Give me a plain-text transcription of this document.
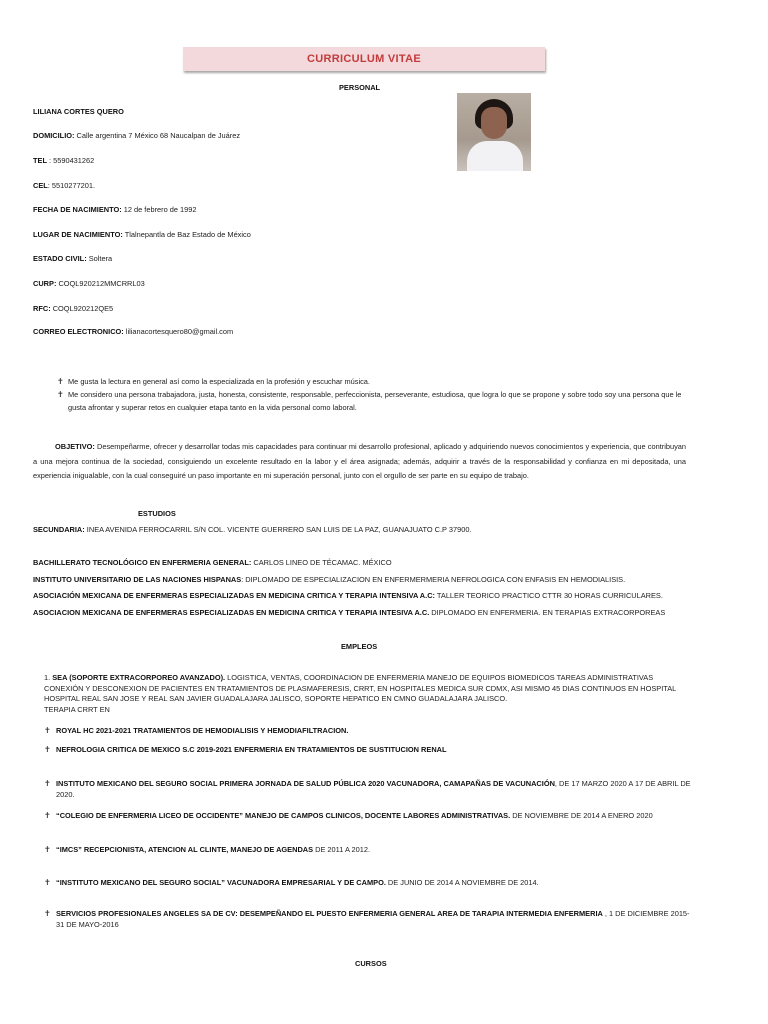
CURRICULUM VITAE
PERSONAL
LILIANA CORTES QUERO
DOMICILIO: Calle argentina 7 México 68 Naucalpan de Juárez
TEL : 5590431262
CEL: 5510277201.
FECHA DE NACIMIENTO: 12 de febrero de 1992
LUGAR DE NACIMIENTO: Tlalnepantla de Baz Estado de México
ESTADO CIVIL: Soltera
CURP: COQL920212MMCRRL03
RFC: COQL920212QE5
CORREO ELECTRONICO: lilianacortesquero80@gmail.com
✝ Me gusta la lectura en general así como la especializada en la profesión y escuchar música.
✝ Me considero una persona trabajadora, justa, honesta, consistente, responsable, perfeccionista, perseverante, estudiosa, que logra lo que se propone y sobre todo soy una persona que le gusta afrontar y superar retos en cualquier etapa tanto en la vida personal como laboral.
OBJETIVO: Desempeñarme, ofrecer y desarrollar todas mis capacidades para continuar mi desarrollo profesional, aplicado y adquiriendo nuevos conocimientos y experiencia, que contribuyan a una mejora continua de la sociedad, consiguiendo un excelente resultado en la labor y el área asignada; además, adquirir a través de la responsabilidad y confianza en mi depositada, una experiencia inigualable, con la cual conseguiré un paso importante en mi superación personal, junto con el orgullo de ser parte en su equipo de trabajo.
ESTUDIOS
SECUNDARIA: INEA AVENIDA FERROCARRIL S/N COL. VICENTE GUERRERO SAN LUIS DE LA PAZ, GUANAJUATO C.P 37900.
BACHILLERATO TECNOLÓGICO EN ENFERMERIA GENERAL: CARLOS LINEO DE TÉCAMAC. MÉXICO
INSTITUTO UNIVERSITARIO DE LAS NACIONES HISPANAS: DIPLOMADO DE ESPECIALIZACION EN ENFERMERMERIA NEFROLOGICA CON ENFASIS EN HEMODIALISIS.
ASOCIACIÓN MEXICANA DE ENFERMERAS ESPECIALIZADAS EN MEDICINA CRITICA Y TERAPIA INTENSIVA A.C: TALLER TEORICO PRACTICO CTTR 30 HORAS CURRICULARES.
ASOCIACION MEXICANA DE ENFERMERAS ESPECIALIZADAS EN MEDICINA CRITICA Y TERAPIA INTESIVA A.C. DIPLOMADO EN ENFERMERIA. EN TERAPIAS EXTRACORPOREAS
EMPLEOS
1. SEA (SOPORTE EXTRACORPOREO AVANZADO). LOGISTICA, VENTAS, COORDINACION DE ENFERMERIA MANEJO DE EQUIPOS BIOMEDICOS TAREAS ADMINISTRATIVAS
CONEXIÓN Y DESCONEXION DE PACIENTES EN TRATAMIENTOS DE PLASMAFERESIS, CRRT, EN HOSPITALES MEDICA SUR CDMX, ASI MISMO 45 DIAS CONTINUOS EN HOSPITAL
HOSPITAL REAL SAN JOSE Y REAL SAN JAVIER GUADALAJARA JALISCO, SOPORTE HEPATICO EN CMNO GUADALAJARA JALISCO.
TERAPIA CRRT EN
✝ ROYAL HC 2021-2021 TRATAMIENTOS DE HEMODIALISIS Y HEMODIAFILTRACION.
✝ NEFROLOGIA CRITICA DE MEXICO S.C 2019-2021 ENFERMERIA EN TRATAMIENTOS DE SUSTITUCION RENAL
✝ INSTITUTO MEXICANO DEL SEGURO SOCIAL PRIMERA JORNADA DE SALUD PÚBLICA 2020 VACUNADORA, CAMAPAÑAS DE VACUNACIÓN, DE 17 MARZO 2020 A 17 DE ABRIL DE 2020.
✝ “COLEGIO DE ENFERMERIA LICEO DE OCCIDENTE” MANEJO DE CAMPOS CLINICOS, DOCENTE LABORES ADMINISTRATIVAS. DE NOVIEMBRE DE 2014 A ENERO 2020
✝ “IMCS” RECEPCIONISTA, ATENCION AL CLINTE, MANEJO DE AGENDAS DE 2011 A 2012.
✝ “INSTITUTO MEXICANO DEL SEGURO SOCIAL” VACUNADORA EMPRESARIAL Y DE CAMPO. DE JUNIO DE 2014 A NOVIEMBRE DE 2014.
✝ SERVICIOS PROFESIONALES ANGELES SA DE CV: DESEMPEÑANDO EL PUESTO ENFERMERIA GENERAL AREA DE TARAPIA INTERMEDIA ENFERMERIA , 1 DE DICIEMBRE 2015- 31 DE MAYO-2016
CURSOS
